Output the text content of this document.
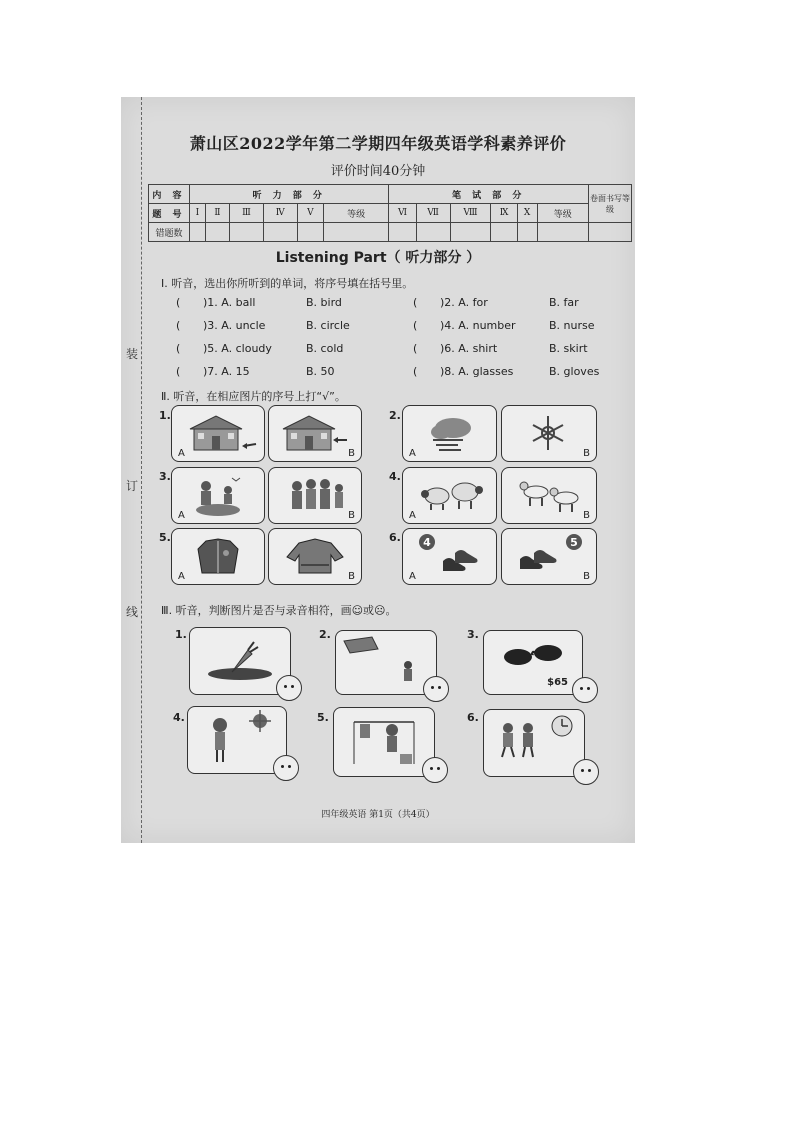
装
订
线
萧山区2022学年第二学期四年级英语学科素养评价
评价时间40分钟
内 容	听 力 部 分						笔 试 部 分						卷面书写等级
题 号	Ⅰ	Ⅱ	Ⅲ	Ⅳ	Ⅴ	等级	Ⅵ	Ⅶ	Ⅷ	Ⅸ	Ⅹ	等级	
错题数													
Listening Part（ 听力部分 ）
Ⅰ. 听音，选出你所听到的单词，将序号填在括号里。
( )1. A. ball	B. bird	( )2. A. for	B. far
( )3. A. uncle	B. circle	( )4. A. number	B. nurse
( )5. A. cloudy	B. cold	( )6. A. shirt	B. skirt
( )7. A. 15	B. 50	( )8. A. glasses	B. gloves
Ⅱ. 听音，在相应图片的序号上打“√”。
1.
A	B
2.
A	B
3.
A	B
4.
A	B
5.
A	B
6. 4
A
5
B
Ⅲ. 听音，判断图片是否与录音相符，画☺或☹。
1.	2.	3.
$65
4.	5.	6.
四年级英语 第1页（共4页）
